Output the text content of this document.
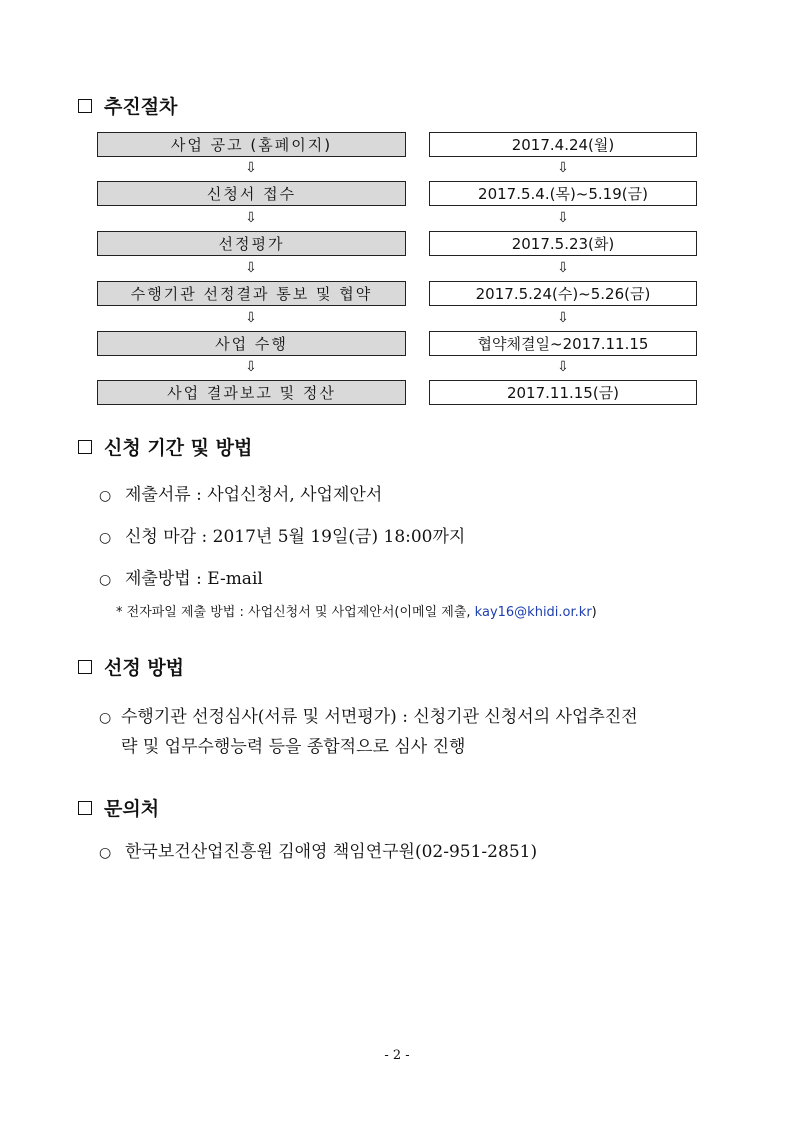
추진절차
사업 공고 (홈페이지)	2017.4.24(월)
⇩	⇩
신청서 접수	2017.5.4.(목)~5.19(금)
⇩	⇩
선정평가	2017.5.23(화)
⇩	⇩
수행기관 선정결과 통보 및 협약	2017.5.24(수)~5.26(금)
⇩	⇩
사업 수행	협약체결일~2017.11.15
⇩	⇩
사업 결과보고 및 정산	2017.11.15(금)
신청 기간 및 방법
○ 제출서류 : 사업신청서, 사업제안서
○ 신청 마감 : 2017년 5월 19일(금) 18:00까지
○ 제출방법 : E-mail
* 전자파일 제출 방법 : 사업신청서 및 사업제안서(이메일 제출, kay16@khidi.or.kr)
선정 방법
○ 수행기관 선정심사(서류 및 서면평가) : 신청기관 신청서의 사업추진전
략 및 업무수행능력 등을 종합적으로 심사 진행
문의처
○ 한국보건산업진흥원 김애영 책임연구원(02-951-2851)
- 2 -
